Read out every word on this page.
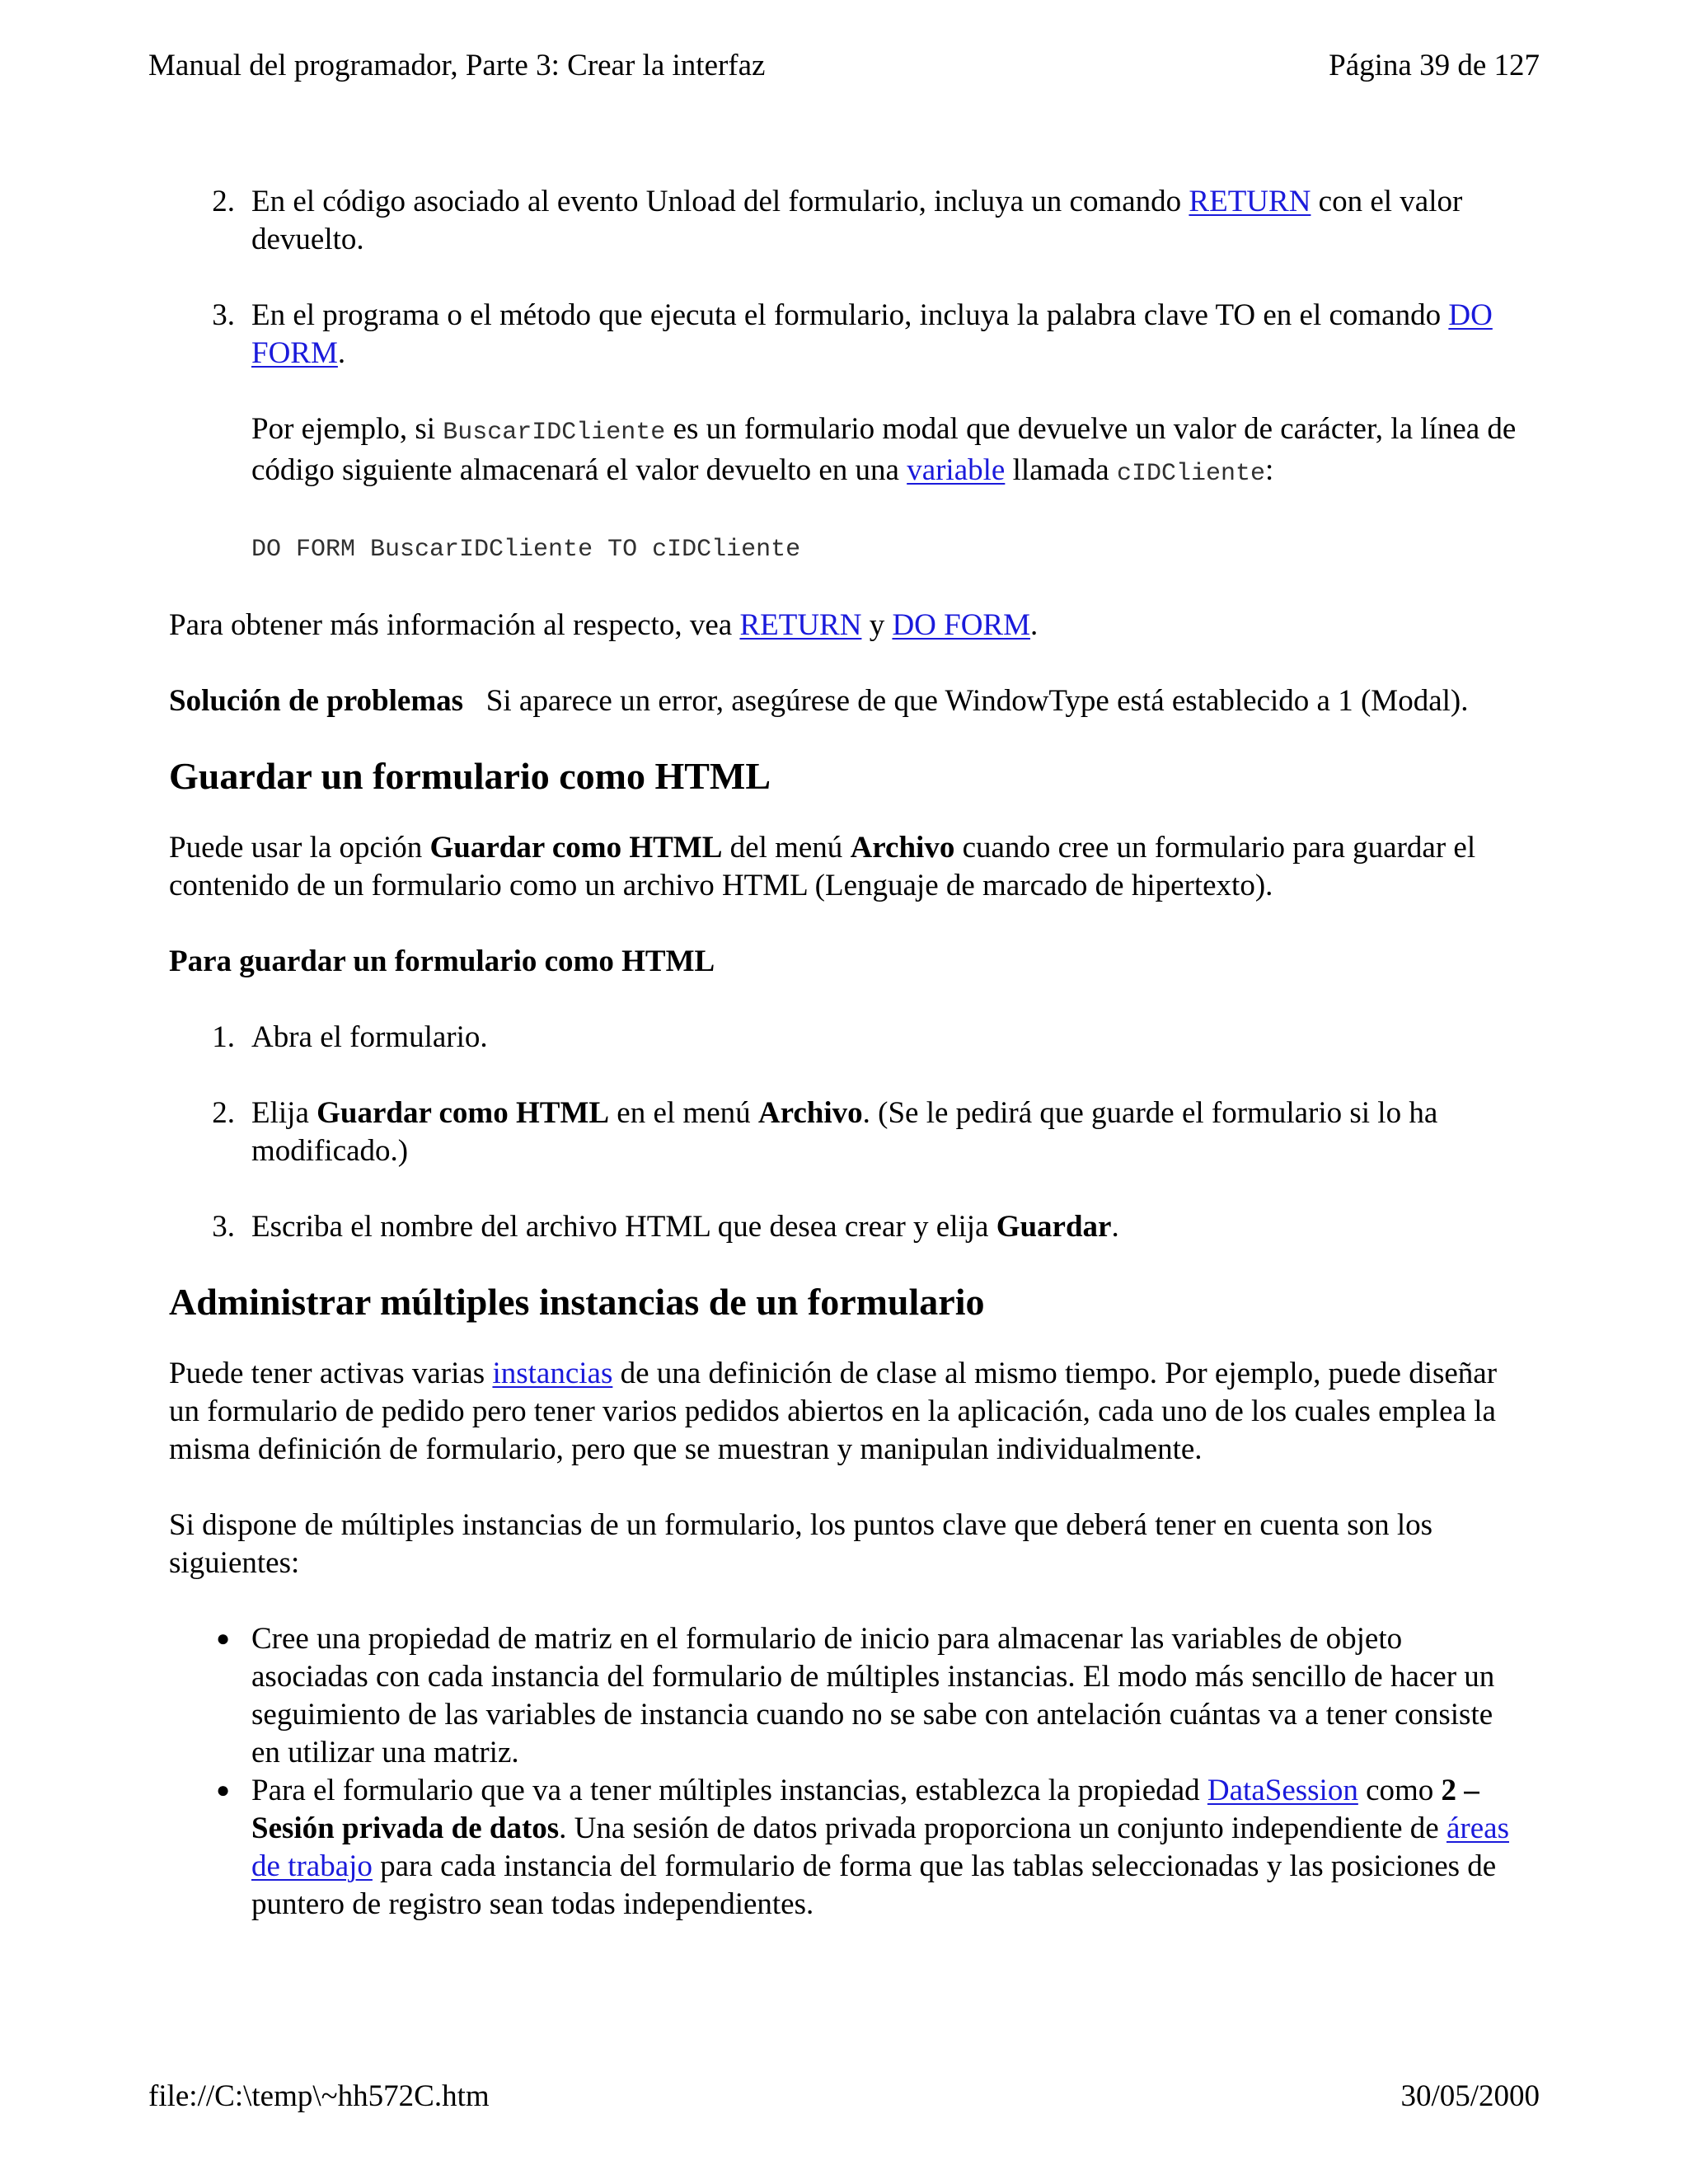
Manual del programador, Parte 3: Crear la interfaz	Página 39 de 127
2. En el código asociado al evento Unload del formulario, incluya un comando RETURN con el valor devuelto.

3. En el programa o el método que ejecuta el formulario, incluya la palabra clave TO en el comando DO FORM.

Por ejemplo, si BuscarIDCliente es un formulario modal que devuelve un valor de carácter, la línea de código siguiente almacenará el valor devuelto en una variable llamada cIDCliente:

DO FORM BuscarIDCliente TO cIDCliente

Para obtener más información al respecto, vea RETURN y DO FORM.

Solución de problemas   Si aparece un error, asegúrese de que WindowType está establecido a 1 (Modal).

Guardar un formulario como HTML

Puede usar la opción Guardar como HTML del menú Archivo cuando cree un formulario para guardar el contenido de un formulario como un archivo HTML (Lenguaje de marcado de hipertexto).

Para guardar un formulario como HTML

1. Abra el formulario.

2. Elija Guardar como HTML en el menú Archivo. (Se le pedirá que guarde el formulario si lo ha modificado.)

3. Escriba el nombre del archivo HTML que desea crear y elija Guardar.

Administrar múltiples instancias de un formulario

Puede tener activas varias instancias de una definición de clase al mismo tiempo. Por ejemplo, puede diseñar un formulario de pedido pero tener varios pedidos abiertos en la aplicación, cada uno de los cuales emplea la misma definición de formulario, pero que se muestran y manipulan individualmente.

Si dispone de múltiples instancias de un formulario, los puntos clave que deberá tener en cuenta son los siguientes:

● Cree una propiedad de matriz en el formulario de inicio para almacenar las variables de objeto asociadas con cada instancia del formulario de múltiples instancias. El modo más sencillo de hacer un seguimiento de las variables de instancia cuando no se sabe con antelación cuántas va a tener consiste en utilizar una matriz.

● Para el formulario que va a tener múltiples instancias, establezca la propiedad DataSession como 2 – Sesión privada de datos. Una sesión de datos privada proporciona un conjunto independiente de áreas de trabajo para cada instancia del formulario de forma que las tablas seleccionadas y las posiciones de puntero de registro sean todas independientes.

file://C:\temp\~hh572C.htm	30/05/2000
